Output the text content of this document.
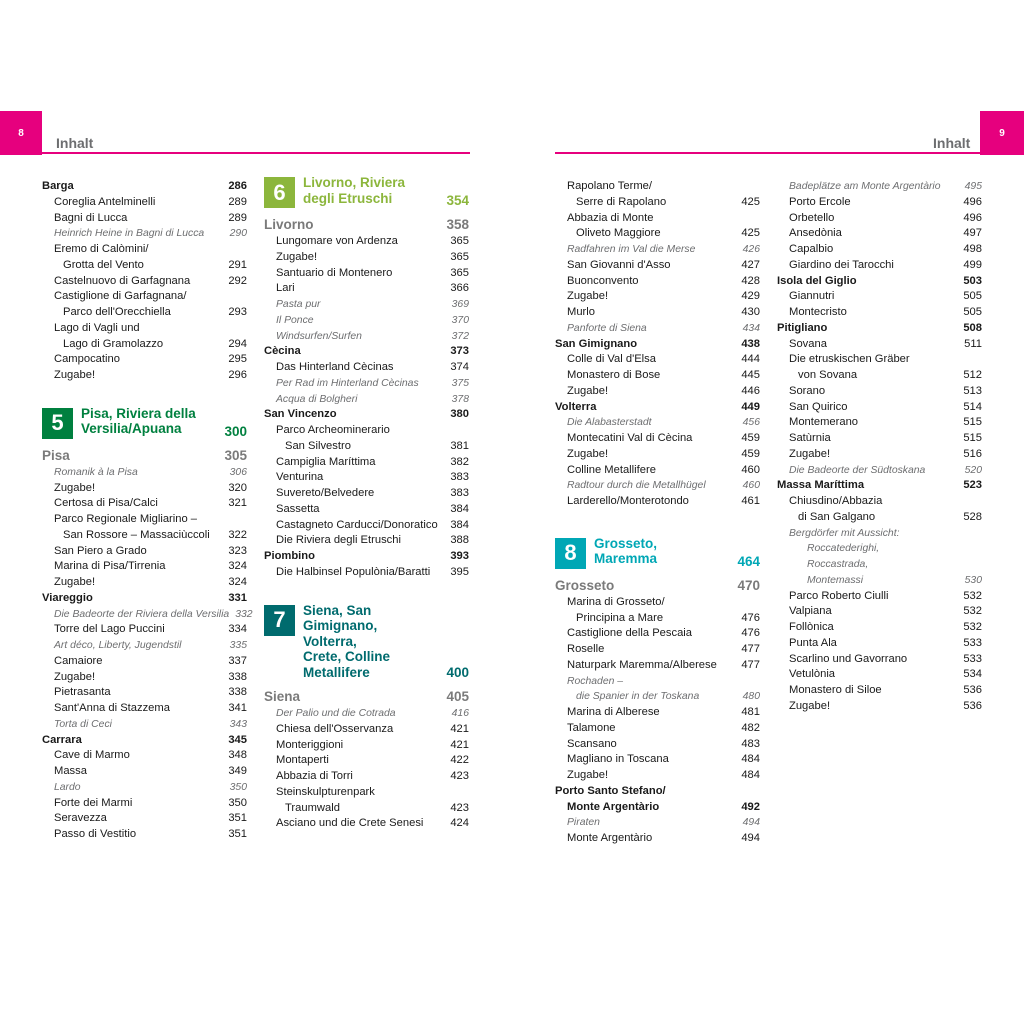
8
Inhalt
9
Inhalt
Barga	286
Coreglia Antelminelli	289
Bagni di Lucca	289
Heinrich Heine in Bagni di Lucca 290
Eremo di Calòmini/
Grotta del Vento	291
Castelnuovo di Garfagnana	292
Castiglione di Garfagnana/
Parco dell'Orecchiella	293
Lago di Vagli und
Lago di Gramolazzo	294
Campocatino	295
Zugabe!	296
5	Pisa, Riviera della
Versilia/Apuana	300
Pisa	305
Romanik à la Pisa	306
Zugabe!	320
Certosa di Pisa/Calci	321
Parco Regionale Migliarino –
San Rossore – Massaciùccoli 322
San Piero a Grado	323
Marina di Pisa/Tirrenia	324
Zugabe!	324
Viareggio	331
Die Badeorte der Riviera della Versilia 332
Torre del Lago Puccini	334
Art déco, Liberty, Jugendstil	335
Camaiore	337
Zugabe!	338
Pietrasanta	338
Sant'Anna di Stazzema	341
Torta di Ceci	343
Carrara	345
Cave di Marmo	348
Massa	349
Lardo	350
Forte dei Marmi	350
Seravezza	351
Passo di Vestitio	351
6	Livorno, Riviera
degli Etruschi	354
Livorno	358
Lungomare von Ardenza	365
Zugabe!	365
Santuario di Montenero	365
Lari	366
Pasta pur	369
Il Ponce	370
Windsurfen/Surfen	372
Cècina	373
Das Hinterland Cècinas	374
Per Rad im Hinterland Cècinas	375
Acqua di Bolgheri	378
San Vincenzo	380
Parco Archeominerario
San Silvestro	381
Campiglia Maríttima	382
Venturina	383
Suvereto/Belvedere	383
Sassetta	384
Castagneto Carducci/Donoratico 384
Die Riviera degli Etruschi	388
Piombino	393
Die Halbinsel Populònia/Baratti 395
7	Siena, San
Gimignano,
Volterra,
Crete, Colline
Metallifere	400
Siena	405
Der Palio und die Cotrada	416
Chiesa dell'Osservanza	421
Monteriggioni	421
Montaperti	422
Abbazia di Torri	423
Steinskulpturenpark
Traumwald	423
Asciano und die Crete Senesi 424
Rapolano Terme/
Serre di Rapolano	425
Abbazia di Monte
Oliveto Maggiore	425
Radfahren im Val die Merse	426
San Giovanni d'Asso	427
Buonconvento	428
Zugabe!	429
Murlo	430
Panforte di Siena	434
San Gimignano	438
Colle di Val d'Elsa	444
Monastero di Bose	445
Zugabe!	446
Volterra	449
Die Alabasterstadt	456
Montecatini Val di Cècina	459
Zugabe!	459
Colline Metallifere	460
Radtour durch die Metallhügel	460
Larderello/Monterotondo	461
8	Grosseto,
Maremma	464
Grosseto	470
Marina di Grosseto/
Principina a Mare	476
Castiglione della Pescaia	476
Roselle	477
Naturpark Maremma/Alberese 477
Rochaden –
die Spanier in der Toskana	480
Marina di Alberese	481
Talamone	482
Scansano	483
Magliano in Toscana	484
Zugabe!	484
Porto Santo Stefano/
Monte Argentàrio	492
Piraten	494
Monte Argentàrio	494
Badeplätze am Monte Argentàrio 495
Porto Ercole	496
Orbetello	496
Ansedònia	497
Capalbio	498
Giardino dei Tarocchi	499
Isola del Giglio	503
Giannutri	505
Montecristo	505
Pitigliano	508
Sovana	511
Die etruskischen Gräber
von Sovana	512
Sorano	513
San Quirico	514
Montemerano	515
Satùrnia	515
Zugabe!	516
Die Badeorte der Südtoskana	520
Massa Maríttima	523
Chiusdino/Abbazia
di San Galgano	528
Bergdörfer mit Aussicht:
Roccatederighi,
Roccastrada,
Montemassi	530
Parco Roberto Ciulli	532
Valpiana	532
Follònica	532
Punta Ala	533
Scarlino und Gavorrano	533
Vetulònia	534
Monastero di Siloe	536
Zugabe!	536
